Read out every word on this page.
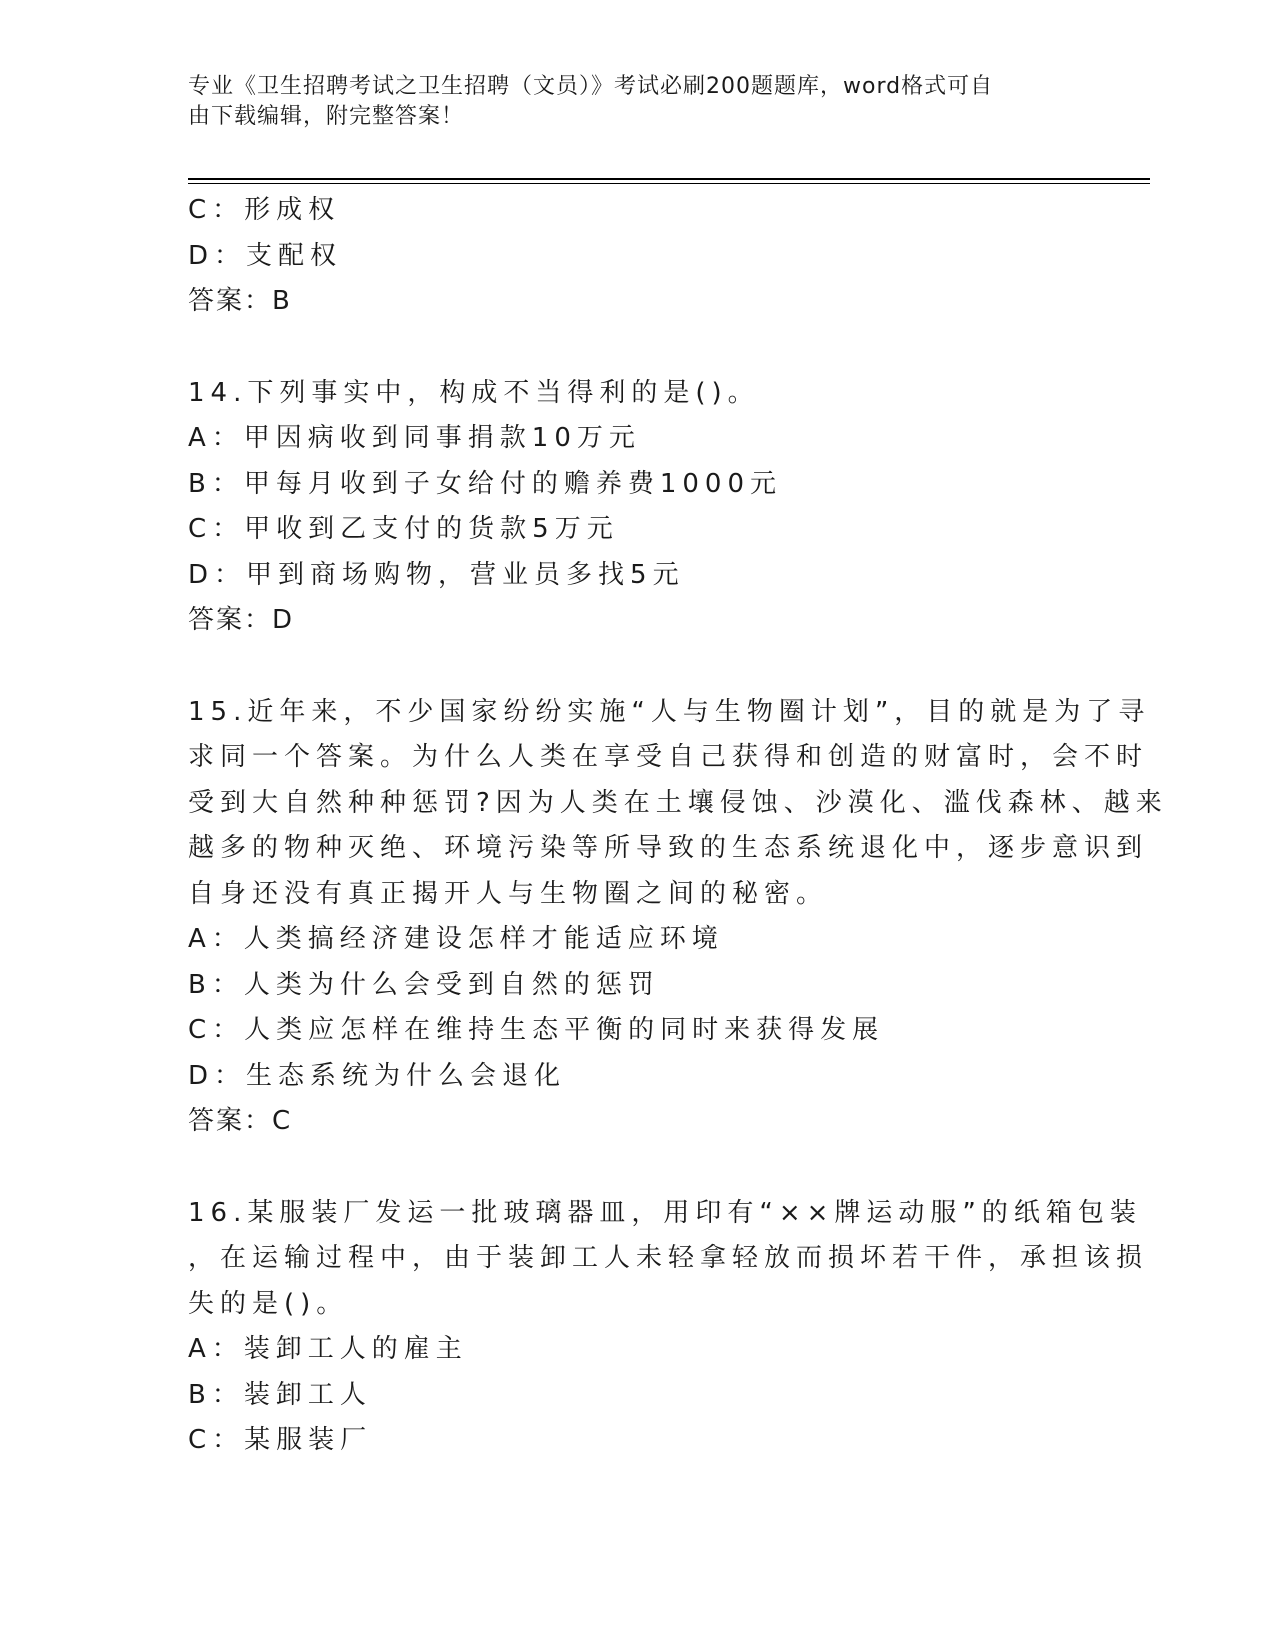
专业《卫生招聘考试之卫生招聘（文员）》考试必刷200题题库，word格式可自
由下载编辑，附完整答案！
C：形成权
D：支配权
答案：B
14.下列事实中，构成不当得利的是()。
A：甲因病收到同事捐款10万元
B：甲每月收到子女给付的赡养费1000元
C：甲收到乙支付的货款5万元
D：甲到商场购物，营业员多找5元
答案：D
15.近年来，不少国家纷纷实施“人与生物圈计划”，目的就是为了寻
求同一个答案。为什么人类在享受自己获得和创造的财富时，会不时
受到大自然种种惩罚?因为人类在土壤侵蚀、沙漠化、滥伐森林、越来
越多的物种灭绝、环境污染等所导致的生态系统退化中，逐步意识到
自身还没有真正揭开人与生物圈之间的秘密。
A：人类搞经济建设怎样才能适应环境
B：人类为什么会受到自然的惩罚
C：人类应怎样在维持生态平衡的同时来获得发展
D：生态系统为什么会退化
答案：C
16.某服装厂发运一批玻璃器皿，用印有“××牌运动服”的纸箱包装
，在运输过程中，由于装卸工人未轻拿轻放而损坏若干件，承担该损
失的是()。
A：装卸工人的雇主
B：装卸工人
C：某服装厂
